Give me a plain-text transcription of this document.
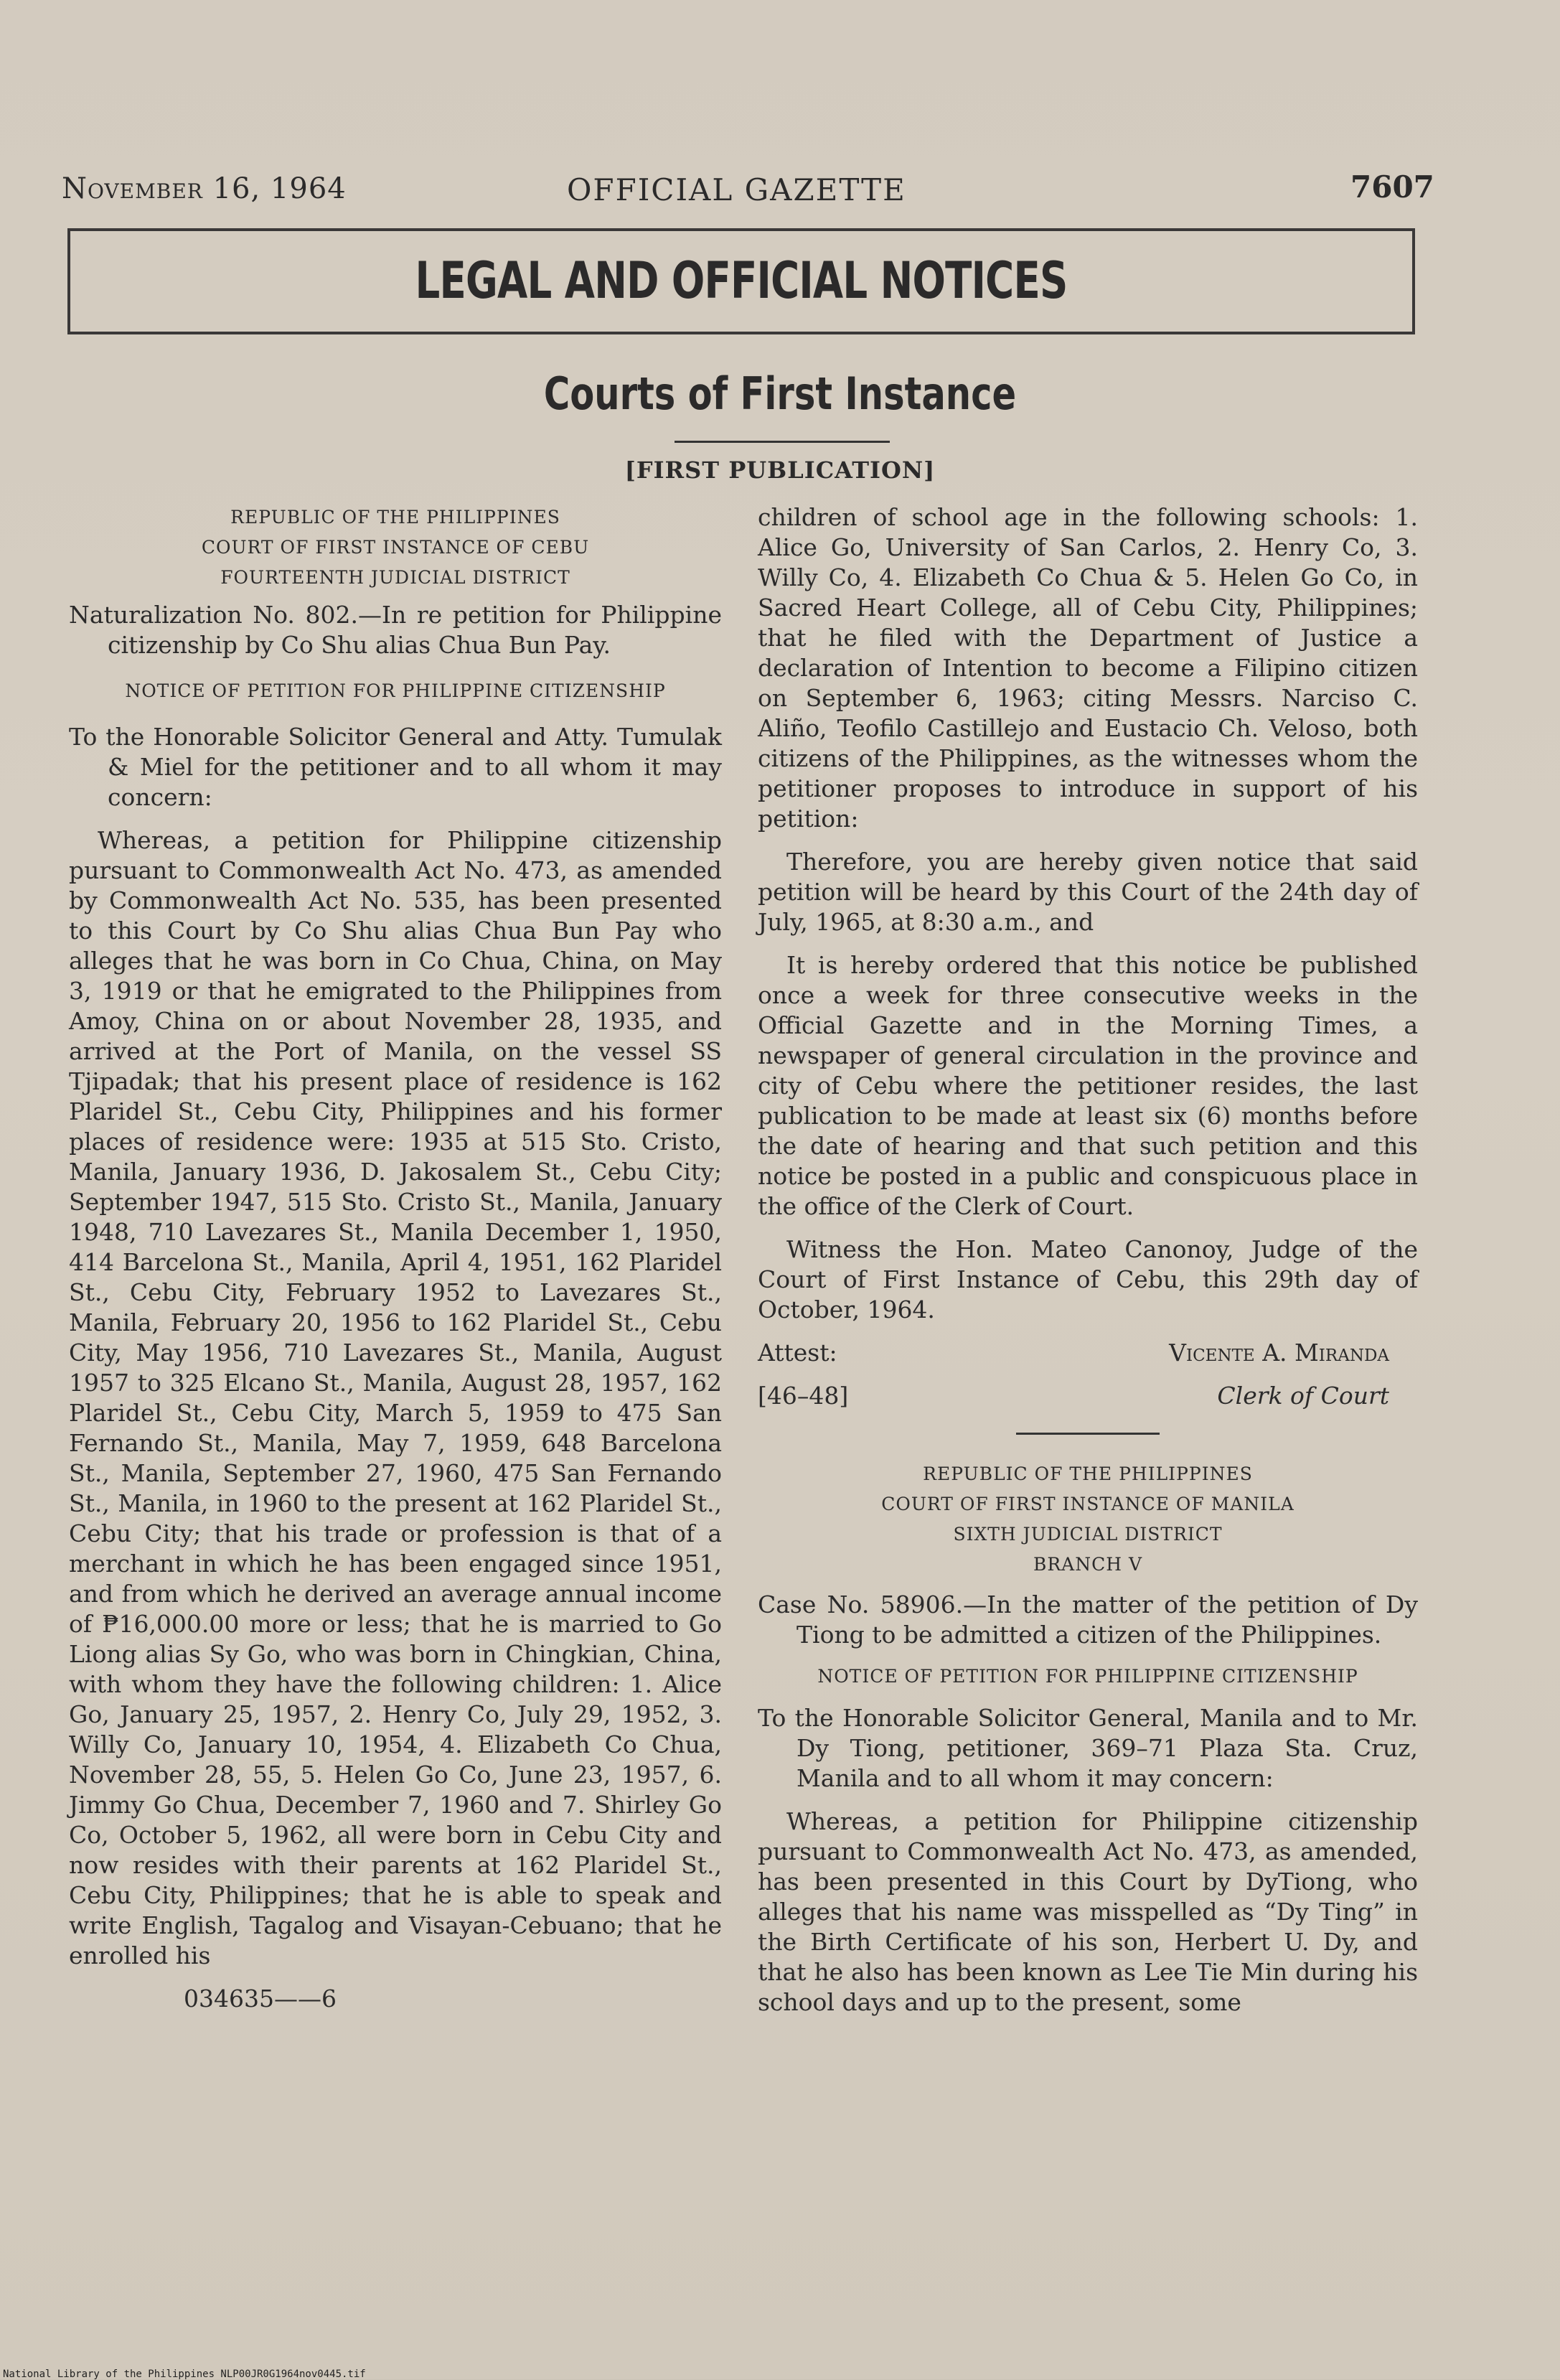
November 16, 1964	OFFICIAL GAZETTE	7607
LEGAL AND OFFICIAL NOTICES
Courts of First Instance
[FIRST PUBLICATION]
REPUBLIC OF THE PHILIPPINES
COURT OF FIRST INSTANCE OF CEBU
FOURTEENTH JUDICIAL DISTRICT

Naturalization No. 802.—In re petition for Philippine citizenship by Co Shu alias Chua Bun Pay.

NOTICE OF PETITION FOR PHILIPPINE CITIZENSHIP

To the Honorable Solicitor General and Atty. Tumulak & Miel for the petitioner and to all whom it may concern:

Whereas, a petition for Philippine citizenship pursuant to Commonwealth Act No. 473, as amended by Commonwealth Act No. 535, has been presented to this Court by Co Shu alias Chua Bun Pay who alleges that he was born in Co Chua, China, on May 3, 1919 or that he emigrated to the Philippines from Amoy, China on or about November 28, 1935, and arrived at the Port of Manila, on the vessel SS Tjipadak; that his present place of residence is 162 Plaridel St., Cebu City, Philippines and his former places of residence were: 1935 at 515 Sto. Cristo, Manila, January 1936, D. Jakosalem St., Cebu City; September 1947, 515 Sto. Cristo St., Manila, January 1948, 710 Lavezares St., Manila December 1, 1950, 414 Barcelona St., Manila, April 4, 1951, 162 Plaridel St., Cebu City, February 1952 to Lavezares St., Manila, February 20, 1956 to 162 Plaridel St., Cebu City, May 1956, 710 Lavezares St., Manila, August 1957 to 325 Elcano St., Manila, August 28, 1957, 162 Plaridel St., Cebu City, March 5, 1959 to 475 San Fernando St., Manila, May 7, 1959, 648 Barcelona St., Manila, September 27, 1960, 475 San Fernando St., Manila, in 1960 to the present at 162 Plaridel St., Cebu City; that his trade or profession is that of a merchant in which he has been engaged since 1951, and from which he derived an average annual income of ₱16,000.00 more or less; that he is married to Go Liong alias Sy Go, who was born in Chingkian, China, with whom they have the following children: 1. Alice Go, January 25, 1957, 2. Henry Co, July 29, 1952, 3. Willy Co, January 10, 1954, 4. Elizabeth Co Chua, November 28, 55, 5. Helen Go Co, June 23, 1957, 6. Jimmy Go Chua, December 7, 1960 and 7. Shirley Go Co, October 5, 1962, all were born in Cebu City and now resides with their parents at 162 Plaridel St., Cebu City, Philippines; that he is able to speak and write English, Tagalog and Visayan-Cebuano; that he enrolled his

034635——6

children of school age in the following schools: 1. Alice Go, University of San Carlos, 2. Henry Co, 3. Willy Co, 4. Elizabeth Co Chua & 5. Helen Go Co, in Sacred Heart College, all of Cebu City, Philippines; that he filed with the Department of Justice a declaration of Intention to become a Filipino citizen on September 6, 1963; citing Messrs. Narciso C. Aliño, Teofilo Castillejo and Eustacio Ch. Veloso, both citizens of the Philippines, as the witnesses whom the petitioner proposes to introduce in support of his petition:

Therefore, you are hereby given notice that said petition will be heard by this Court of the 24th day of July, 1965, at 8:30 a.m., and

It is hereby ordered that this notice be published once a week for three consecutive weeks in the Official Gazette and in the Morning Times, a newspaper of general circulation in the province and city of Cebu where the petitioner resides, the last publication to be made at least six (6) months before the date of hearing and that such petition and this notice be posted in a public and conspicuous place in the office of the Clerk of Court.

Witness the Hon. Mateo Canonoy, Judge of the Court of First Instance of Cebu, this 29th day of October, 1964.

Attest:	Vicente A. Miranda
[46–48]	Clerk of Court
REPUBLIC OF THE PHILIPPINES
COURT OF FIRST INSTANCE OF MANILA
SIXTH JUDICIAL DISTRICT
BRANCH V

Case No. 58906.—In the matter of the petition of Dy Tiong to be admitted a citizen of the Philippines.

NOTICE OF PETITION FOR PHILIPPINE CITIZENSHIP

To the Honorable Solicitor General, Manila and to Mr. Dy Tiong, petitioner, 369–71 Plaza Sta. Cruz, Manila and to all whom it may concern:

Whereas, a petition for Philippine citizenship pursuant to Commonwealth Act No. 473, as amended, has been presented in this Court by DyTiong, who alleges that his name was misspelled as “Dy Ting” in the Birth Certificate of his son, Herbert U. Dy, and that he also has been known as Lee Tie Min during his school days and up to the present, some

National Library of the Philippines NLP00JR0G1964nov0445.tif
